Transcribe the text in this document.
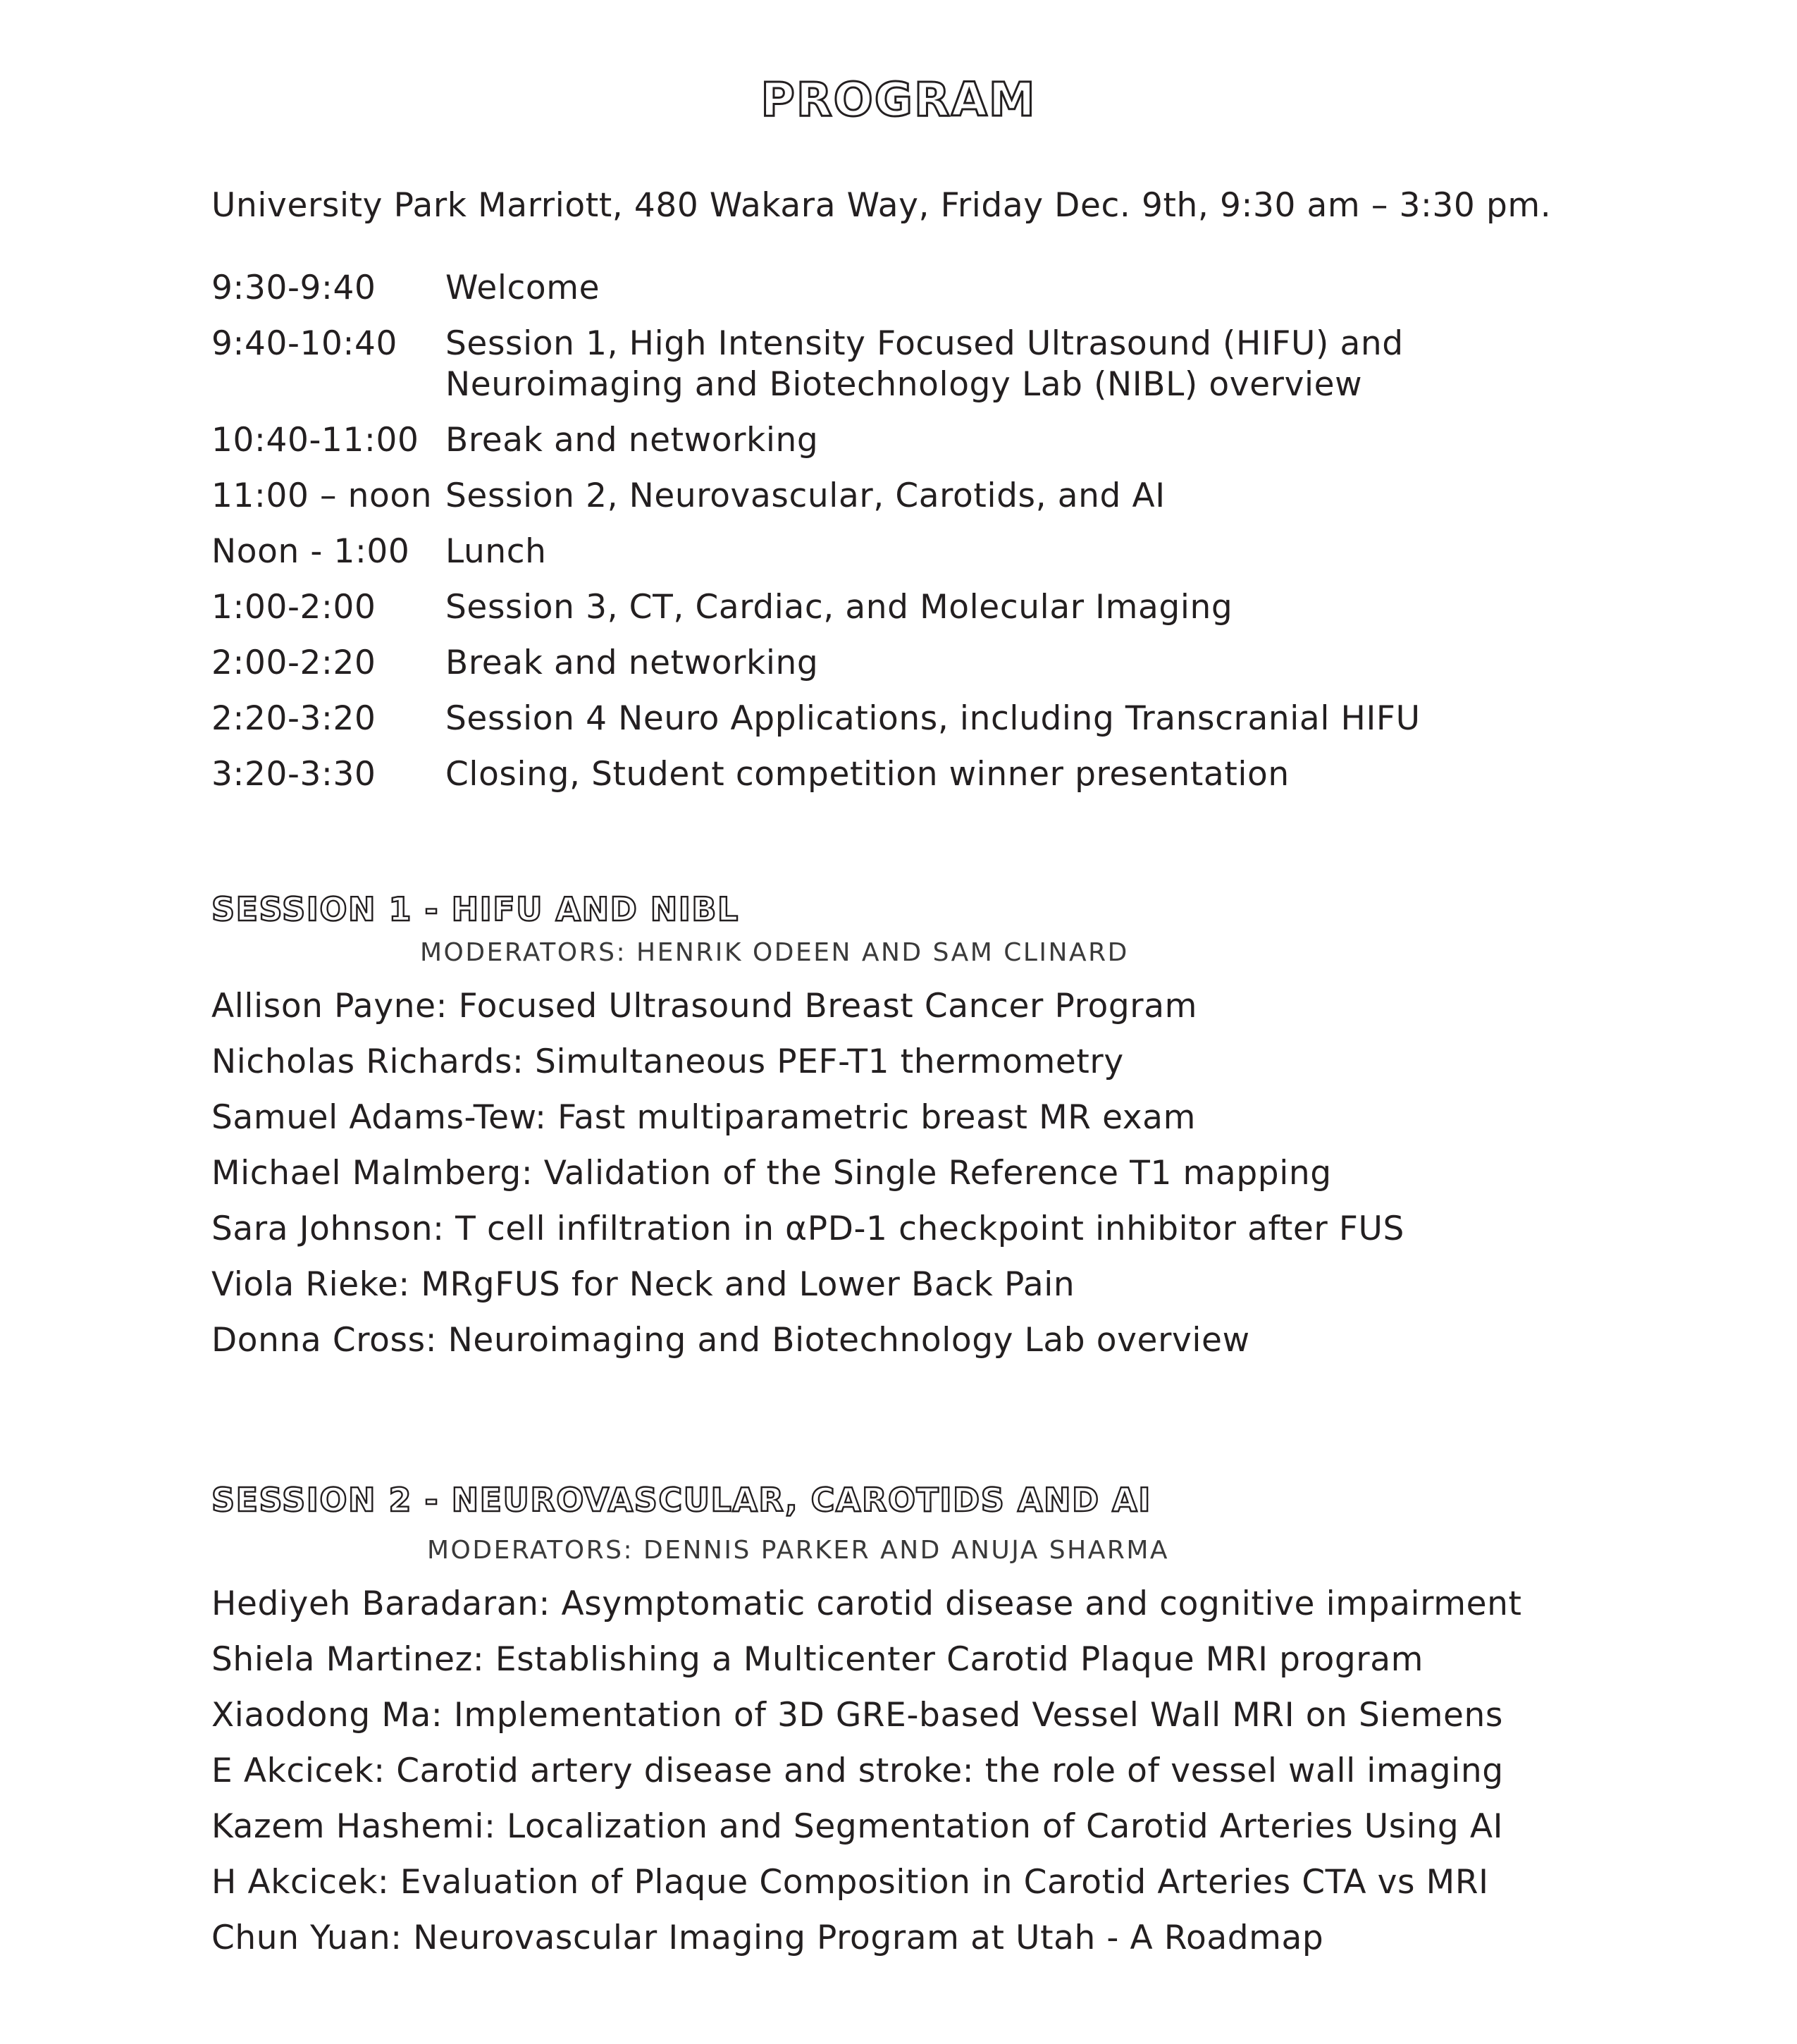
PROGRAM
University Park Marriott, 480 Wakara Way, Friday Dec. 9th, 9:30 am – 3:30 pm.
9:30-9:40	Welcome
9:40-10:40	Session 1, High Intensity Focused Ultrasound (HIFU) and Neuroimaging and Biotechnology Lab (NIBL) overview
10:40-11:00 Break and networking
11:00 – noon Session 2, Neurovascular, Carotids, and AI
Noon - 1:00	Lunch
1:00-2:00	Session 3, CT, Cardiac, and Molecular Imaging
2:00-2:20	Break and networking
2:20-3:20	Session 4 Neuro Applications, including Transcranial HIFU
3:20-3:30	Closing, Student competition winner presentation
SESSION 1 - HIFU AND NIBL
MODERATORS: HENRIK ODEEN AND SAM CLINARD
Allison Payne: Focused Ultrasound Breast Cancer Program
Nicholas Richards: Simultaneous PEF-T1 thermometry
Samuel Adams-Tew: Fast multiparametric breast MR exam
Michael Malmberg: Validation of the Single Reference T1 mapping
Sara Johnson: T cell infiltration in αPD-1 checkpoint inhibitor after FUS
Viola Rieke: MRgFUS for Neck and Lower Back Pain
Donna Cross: Neuroimaging and Biotechnology Lab overview
SESSION 2 - NEUROVASCULAR, CAROTIDS AND AI
MODERATORS: DENNIS PARKER AND ANUJA SHARMA
Hediyeh Baradaran: Asymptomatic carotid disease and cognitive impairment
Shiela Martinez: Establishing a Multicenter Carotid Plaque MRI program
Xiaodong Ma: Implementation of 3D GRE-based Vessel Wall MRI on Siemens
E Akcicek: Carotid artery disease and stroke: the role of vessel wall imaging
Kazem Hashemi: Localization and Segmentation of Carotid Arteries Using AI
H Akcicek: Evaluation of Plaque Composition in Carotid Arteries CTA vs MRI
Chun Yuan: Neurovascular Imaging Program at Utah - A Roadmap
